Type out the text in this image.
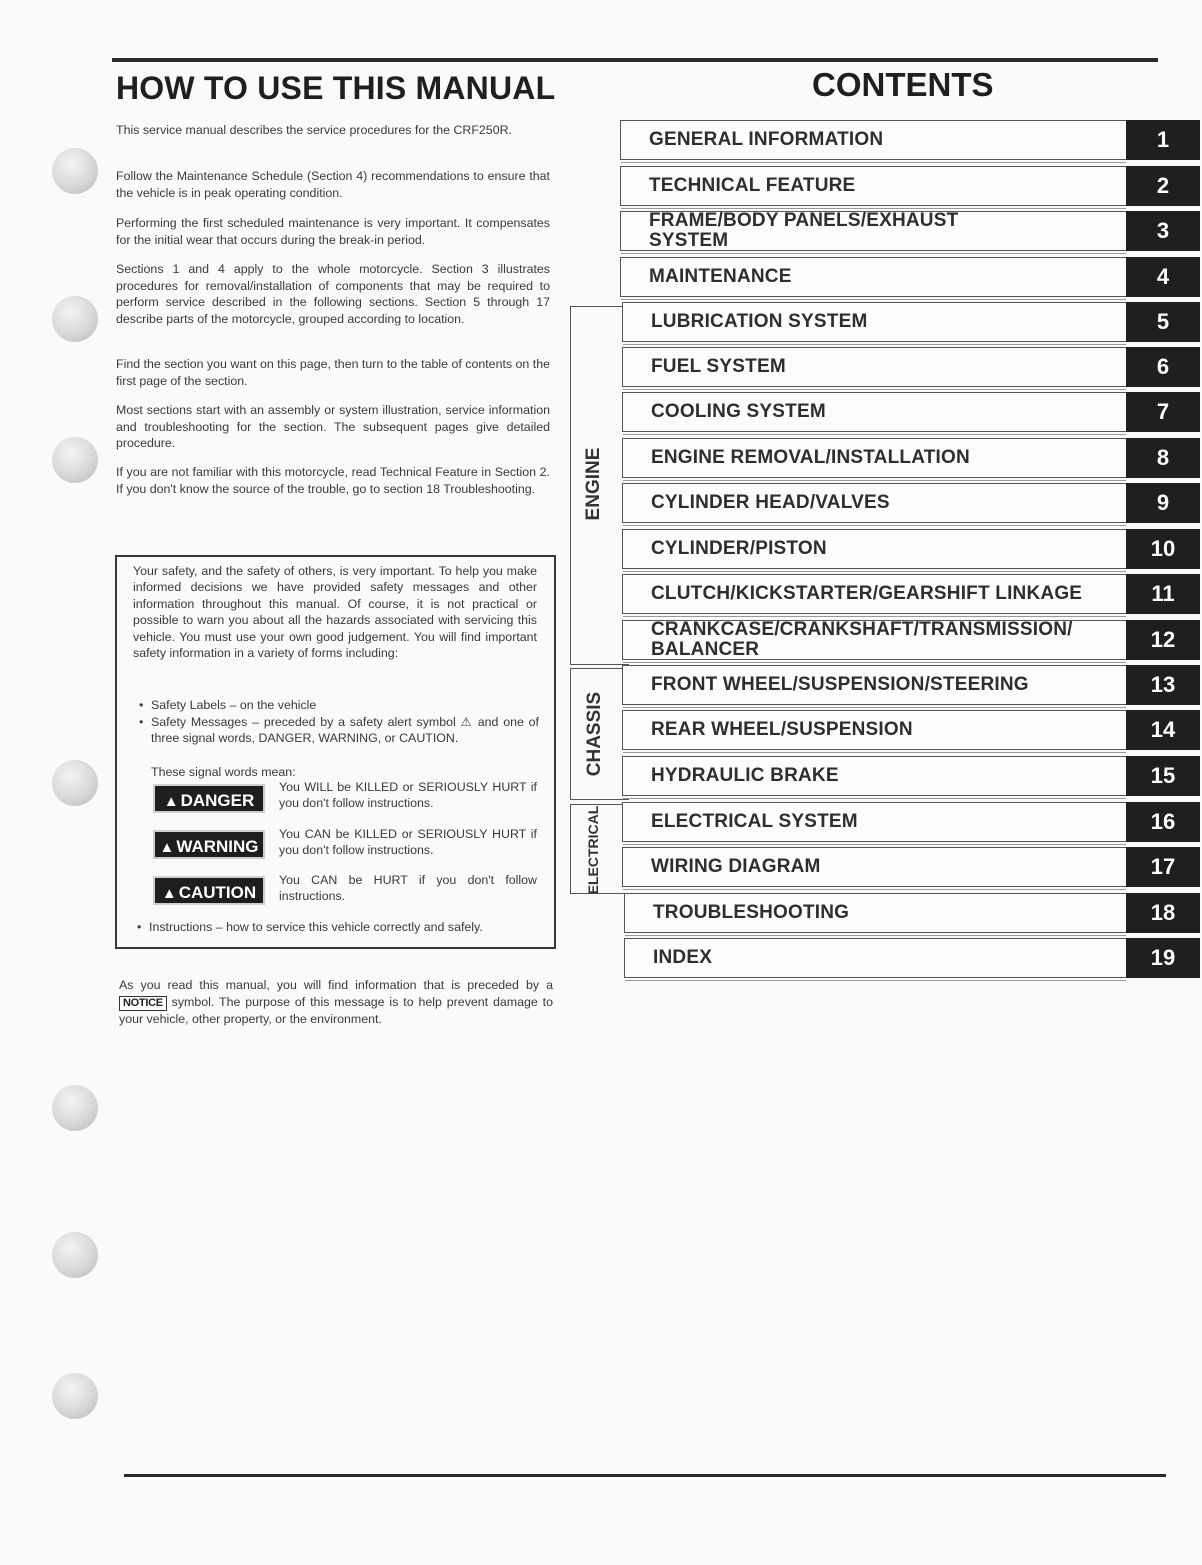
HOW TO USE THIS MANUAL

This service manual describes the service procedures for the CRF250R.

Follow the Maintenance Schedule (Section 4) recommendations to ensure that the vehicle is in peak operating condition.

Performing the first scheduled maintenance is very important. It compensates for the initial wear that occurs during the break-in period.

Sections 1 and 4 apply to the whole motorcycle. Section 3 illustrates procedures for removal/installation of components that may be required to perform service described in the following sections. Section 5 through 17 describe parts of the motorcycle, grouped according to location.

Find the section you want on this page, then turn to the table of contents on the first page of the section.

Most sections start with an assembly or system illustration, service information and troubleshooting for the section. The subsequent pages give detailed procedure.

If you are not familiar with this motorcycle, read Technical Feature in Section 2. If you don't know the source of the trouble, go to section 18 Troubleshooting.

Your safety, and the safety of others, is very important. To help you make informed decisions we have provided safety messages and other information throughout this manual. Of course, it is not practical or possible to warn you about all the hazards associated with servicing this vehicle. You must use your own good judgement. You will find important safety information in a variety of forms including:

• Safety Labels – on the vehicle
• Safety Messages – preceded by a safety alert symbol ⚠ and one of three signal words, DANGER, WARNING, or CAUTION.
These signal words mean:
▲ DANGER

You WILL be KILLED or SERIOUSLY HURT if you don't follow instructions.

▲ WARNING

You CAN be KILLED or SERIOUSLY HURT if you don't follow instructions.

▲ CAUTION

You CAN be HURT if you don't follow instructions.

• Instructions – how to service this vehicle correctly and safely.

As you read this manual, you will find information that is preceded by a NOTICE symbol. The purpose of this message is to help prevent damage to your vehicle, other property, or the environment.

CONTENTS
ENGINE
CHASSIS
ELECTRICAL
GENERAL INFORMATION	1
TECHNICAL FEATURE	2
FRAME/BODY PANELS/EXHAUST SYSTEM	3
MAINTENANCE	4
LUBRICATION SYSTEM	5
FUEL SYSTEM	6
COOLING SYSTEM	7
ENGINE REMOVAL/INSTALLATION	8
CYLINDER HEAD/VALVES	9
CYLINDER/PISTON	10
CLUTCH/KICKSTARTER/GEARSHIFT LINKAGE	11
CRANKCASE/CRANKSHAFT/TRANSMISSION/ BALANCER	12
FRONT WHEEL/SUSPENSION/STEERING	13
REAR WHEEL/SUSPENSION	14
HYDRAULIC BRAKE	15
ELECTRICAL SYSTEM	16
WIRING DIAGRAM	17
TROUBLESHOOTING	18
INDEX	19
